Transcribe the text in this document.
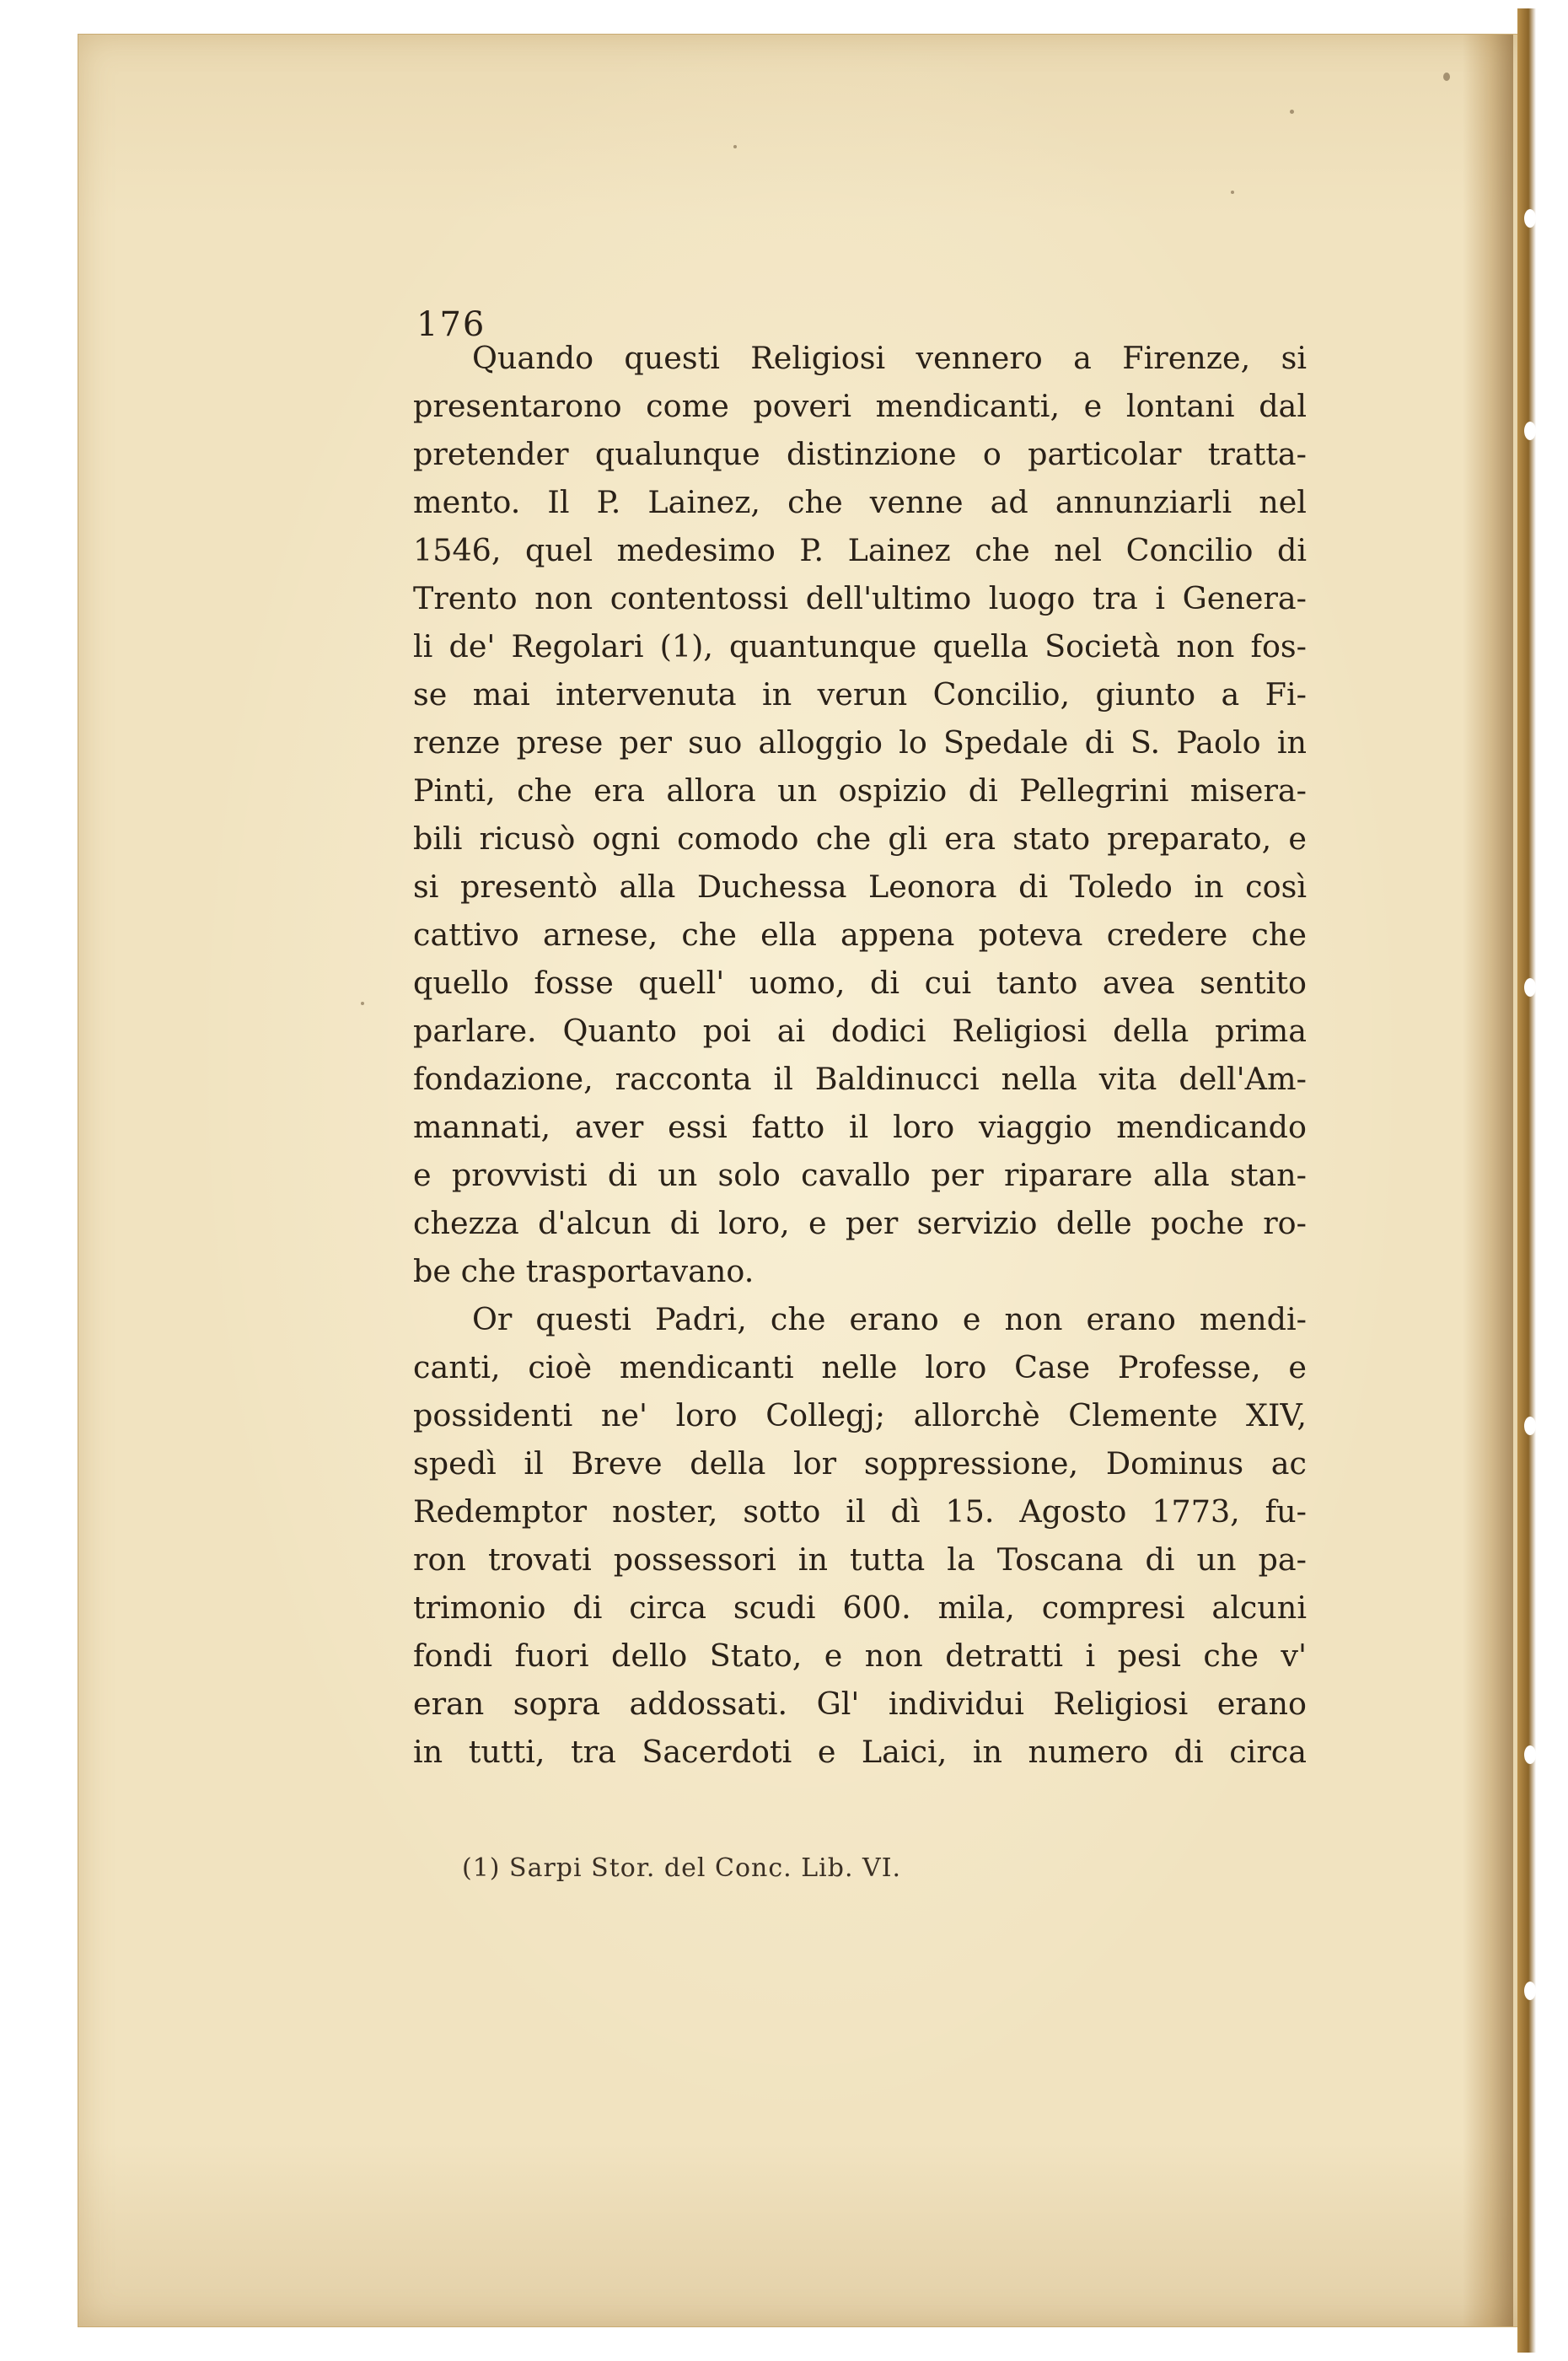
176
Quando questi Religiosi vennero a Firenze, si
presentarono come poveri mendicanti, e lontani dal
pretender qualunque distinzione o particolar tratta-
mento. Il P. Lainez, che venne ad annunziarli nel
1546, quel medesimo P. Lainez che nel Concilio di
Trento non contentossi dell'ultimo luogo tra i Genera-
li de' Regolari (1), quantunque quella Società non fos-
se mai intervenuta in verun Concilio, giunto a Fi-
renze prese per suo alloggio lo Spedale di S. Paolo in
Pinti, che era allora un ospizio di Pellegrini misera-
bili ricusò ogni comodo che gli era stato preparato, e
si presentò alla Duchessa Leonora di Toledo in così
cattivo arnese, che ella appena poteva credere che
quello fosse quell' uomo, di cui tanto avea sentito
parlare. Quanto poi ai dodici Religiosi della prima
fondazione, racconta il Baldinucci nella vita dell'Am-
mannati, aver essi fatto il loro viaggio mendicando
e provvisti di un solo cavallo per riparare alla stan-
chezza d'alcun di loro, e per servizio delle poche ro-
be che trasportavano.
Or questi Padri, che erano e non erano mendi-
canti, cioè mendicanti nelle loro Case Professe, e
possidenti ne' loro Collegj; allorchè Clemente XIV,
spedì il Breve della lor soppressione, Dominus ac
Redemptor noster, sotto il dì 15. Agosto 1773, fu-
ron trovati possessori in tutta la Toscana di un pa-
trimonio di circa scudi 600. mila, compresi alcuni
fondi fuori dello Stato, e non detratti i pesi che v'
eran sopra addossati. Gl' individui Religiosi erano
in tutti, tra Sacerdoti e Laici, in numero di circa
(1) Sarpi Stor. del Conc. Lib. VI.
